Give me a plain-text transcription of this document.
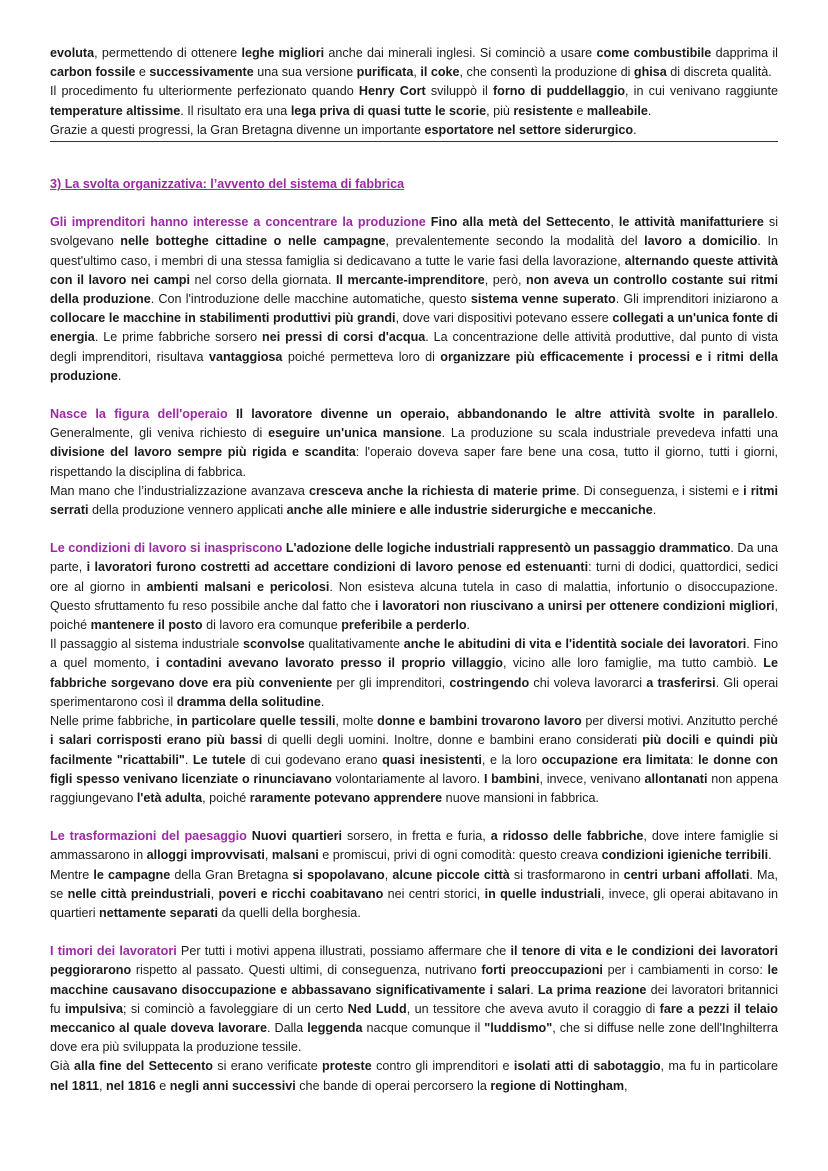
evoluta, permettendo di ottenere leghe migliori anche dai minerali inglesi. Si cominciò a usare come combustibile dapprima il carbon fossile e successivamente una sua versione purificata, il coke, che consentì la produzione di ghisa di discreta qualità.

Il procedimento fu ulteriormente perfezionato quando Henry Cort sviluppò il forno di puddellaggio, in cui venivano raggiunte temperature altissime. Il risultato era una lega priva di quasi tutte le scorie, più resistente e malleabile.

Grazie a questi progressi, la Gran Bretagna divenne un importante esportatore nel settore siderurgico.

3) La svolta organizzativa: l’avvento del sistema di fabbrica

Gli imprenditori hanno interesse a concentrare la produzione Fino alla metà del Settecento, le attività manifatturiere si svolgevano nelle botteghe cittadine o nelle campagne, prevalentemente secondo la modalità del lavoro a domicilio. In quest'ultimo caso, i membri di una stessa famiglia si dedicavano a tutte le varie fasi della lavorazione, alternando queste attività con il lavoro nei campi nel corso della giornata. Il mercante-imprenditore, però, non aveva un controllo costante sui ritmi della produzione. Con l'introduzione delle macchine automatiche, questo sistema venne superato. Gli imprenditori iniziarono a collocare le macchine in stabilimenti produttivi più grandi, dove vari dispositivi potevano essere collegati a un'unica fonte di energia. Le prime fabbriche sorsero nei pressi di corsi d'acqua. La concentrazione delle attività produttive, dal punto di vista degli imprenditori, risultava vantaggiosa poiché permetteva loro di organizzare più efficacemente i processi e i ritmi della produzione.

Nasce la figura dell'operaio Il lavoratore divenne un operaio, abbandonando le altre attività svolte in parallelo. Generalmente, gli veniva richiesto di eseguire un'unica mansione. La produzione su scala industriale prevedeva infatti una divisione del lavoro sempre più rigida e scandita: l'operaio doveva saper fare bene una cosa, tutto il giorno, tutti i giorni, rispettando la disciplina di fabbrica.

Man mano che l’industrializzazione avanzava cresceva anche la richiesta di materie prime. Di conseguenza, i sistemi e i ritmi serrati della produzione vennero applicati anche alle miniere e alle industrie siderurgiche e meccaniche.

Le condizioni di lavoro si inaspriscono L'adozione delle logiche industriali rappresentò un passaggio drammatico. Da una parte, i lavoratori furono costretti ad accettare condizioni di lavoro penose ed estenuanti: turni di dodici, quattordici, sedici ore al giorno in ambienti malsani e pericolosi. Non esisteva alcuna tutela in caso di malattia, infortunio o disoccupazione. Questo sfruttamento fu reso possibile anche dal fatto che i lavoratori non riuscivano a unirsi per ottenere condizioni migliori, poiché mantenere il posto di lavoro era comunque preferibile a perderlo.

Il passaggio al sistema industriale sconvolse qualitativamente anche le abitudini di vita e l'identità sociale dei lavoratori. Fino a quel momento, i contadini avevano lavorato presso il proprio villaggio, vicino alle loro famiglie, ma tutto cambiò. Le fabbriche sorgevano dove era più conveniente per gli imprenditori, costringendo chi voleva lavorarci a trasferirsi. Gli operai sperimentarono così il dramma della solitudine.

Nelle prime fabbriche, in particolare quelle tessili, molte donne e bambini trovarono lavoro per diversi motivi. Anzitutto perché i salari corrisposti erano più bassi di quelli degli uomini. Inoltre, donne e bambini erano considerati più docili e quindi più facilmente "ricattabili". Le tutele di cui godevano erano quasi inesistenti, e la loro occupazione era limitata: le donne con figli spesso venivano licenziate o rinunciavano volontariamente al lavoro. I bambini, invece, venivano allontanati non appena raggiungevano l'età adulta, poiché raramente potevano apprendere nuove mansioni in fabbrica.

Le trasformazioni del paesaggio Nuovi quartieri sorsero, in fretta e furia, a ridosso delle fabbriche, dove intere famiglie si ammassarono in alloggi improvvisati, malsani e promiscui, privi di ogni comodità: questo creava condizioni igieniche terribili.

Mentre le campagne della Gran Bretagna si spopolavano, alcune piccole città si trasformarono in centri urbani affollati. Ma, se nelle città preindustriali, poveri e ricchi coabitavano nei centri storici, in quelle industriali, invece, gli operai abitavano in quartieri nettamente separati da quelli della borghesia.

I timori dei lavoratori Per tutti i motivi appena illustrati, possiamo affermare che il tenore di vita e le condizioni dei lavoratori peggiorarono rispetto al passato. Questi ultimi, di conseguenza, nutrivano forti preoccupazioni per i cambiamenti in corso: le macchine causavano disoccupazione e abbassavano significativamente i salari. La prima reazione dei lavoratori britannici fu impulsiva; si cominciò a favoleggiare di un certo Ned Ludd, un tessitore che aveva avuto il coraggio di fare a pezzi il telaio meccanico al quale doveva lavorare. Dalla leggenda nacque comunque il "luddismo", che si diffuse nelle zone dell'Inghilterra dove era più sviluppata la produzione tessile.

Già alla fine del Settecento si erano verificate proteste contro gli imprenditori e isolati atti di sabotaggio, ma fu in particolare nel 1811, nel 1816 e negli anni successivi che bande di operai percorsero la regione di Nottingham,
